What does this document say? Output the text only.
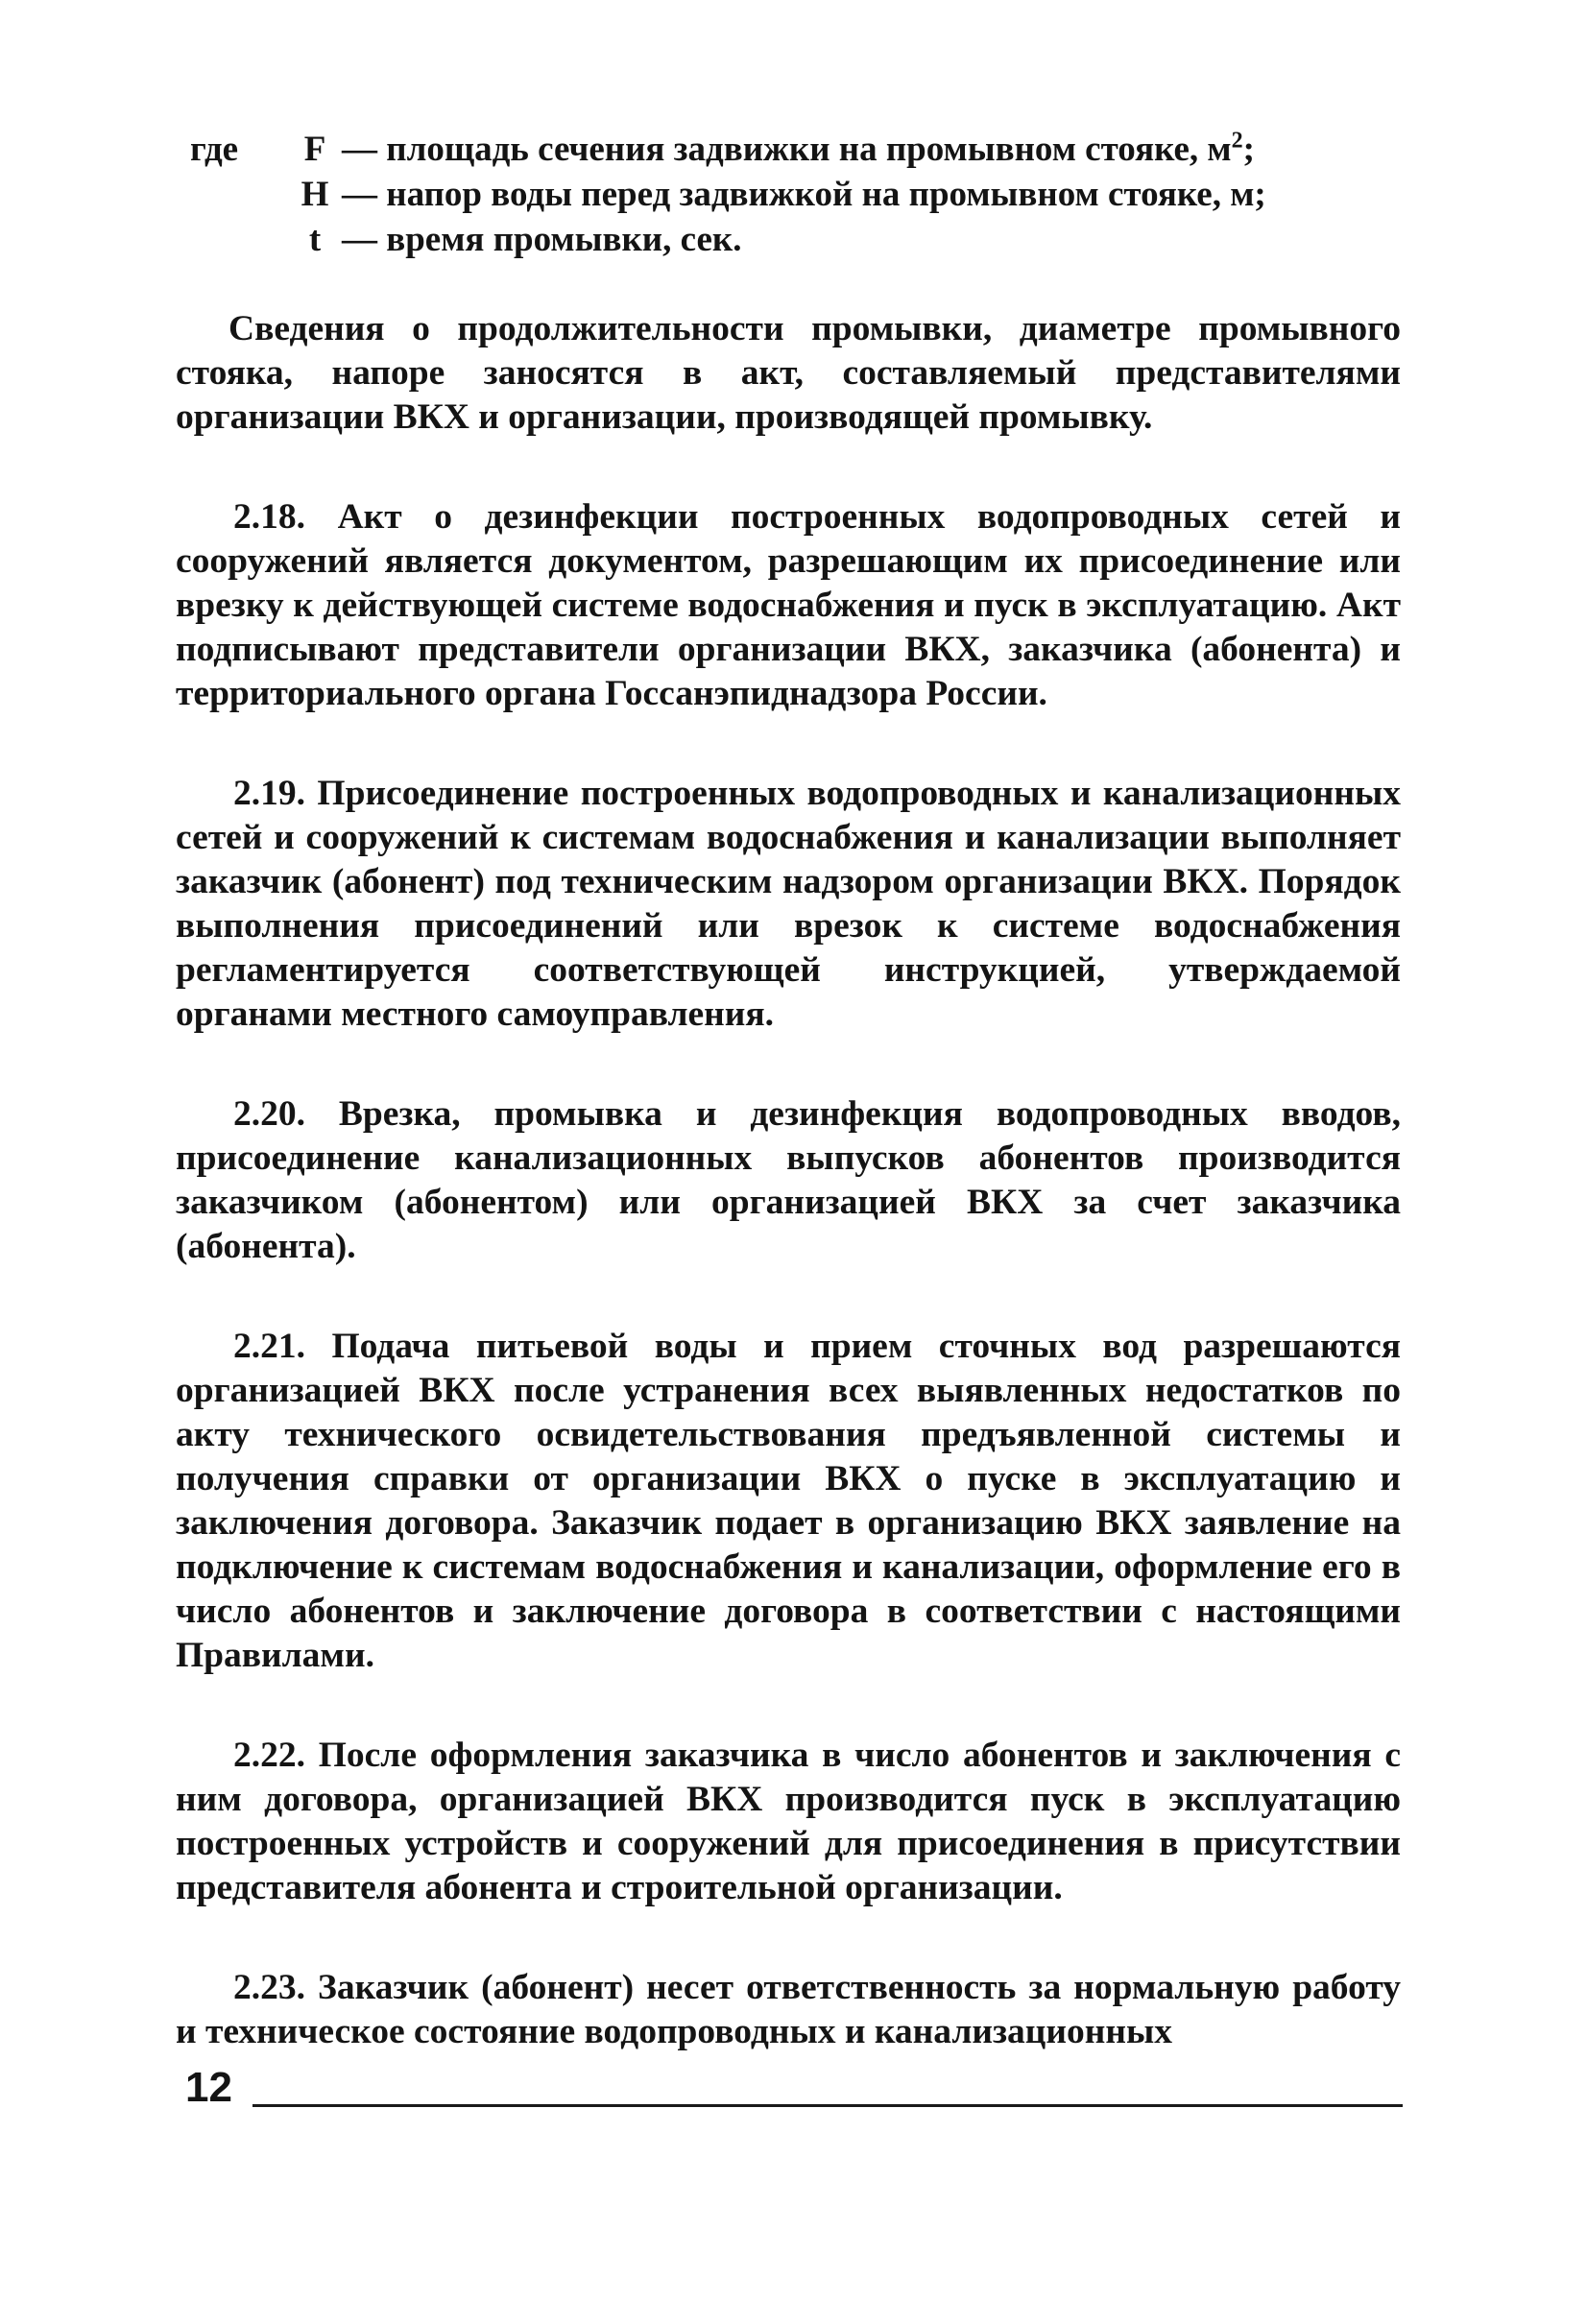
где F — площадь сечения задвижки на промывном стояке, $м^2$;
H — напор воды перед задвижкой на промывном стояке, м;
t — время промывки, сек.

Сведения о продолжительности промывки, диаметре промывного стояка, напоре заносятся в акт, составляемый представителями организации ВКХ и организации, производящей промывку.

2.18. Акт о дезинфекции построенных водопроводных сетей и сооружений является документом, разрешающим их присоединение или врезку к действующей системе водоснабжения и пуск в эксплуатацию. Акт подписывают представители организации ВКХ, заказчика (абонента) и территориального органа Госсанэпиднадзора России.

2.19. Присоединение построенных водопроводных и канализационных сетей и сооружений к системам водоснабжения и канализации выполняет заказчик (абонент) под техническим надзором организации ВКХ. Порядок выполнения присоединений или врезок к системе водоснабжения регламентируется соответствующей инструкцией, утверждаемой органами местного самоуправления.

2.20. Врезка, промывка и дезинфекция водопроводных вводов, присоединение канализационных выпусков абонентов производится заказчиком (абонентом) или организацией ВКХ за счет заказчика (абонента).

2.21. Подача питьевой воды и прием сточных вод разрешаются организацией ВКХ после устранения всех выявленных недостатков по акту технического освидетельствования предъявленной системы и получения справки от организации ВКХ о пуске в эксплуатацию и заключения договора. Заказчик подает в организацию ВКХ заявление на подключение к системам водоснабжения и канализации, оформление его в число абонентов и заключение договора в соответствии с настоящими Правилами.

2.22. После оформления заказчика в число абонентов и заключения с ним договора, организацией ВКХ производится пуск в эксплуатацию построенных устройств и сооружений для присоединения в присутствии представителя абонента и строительной организации.

2.23. Заказчик (абонент) несет ответственность за нормальную работу и техническое состояние водопроводных и канализационных

12
